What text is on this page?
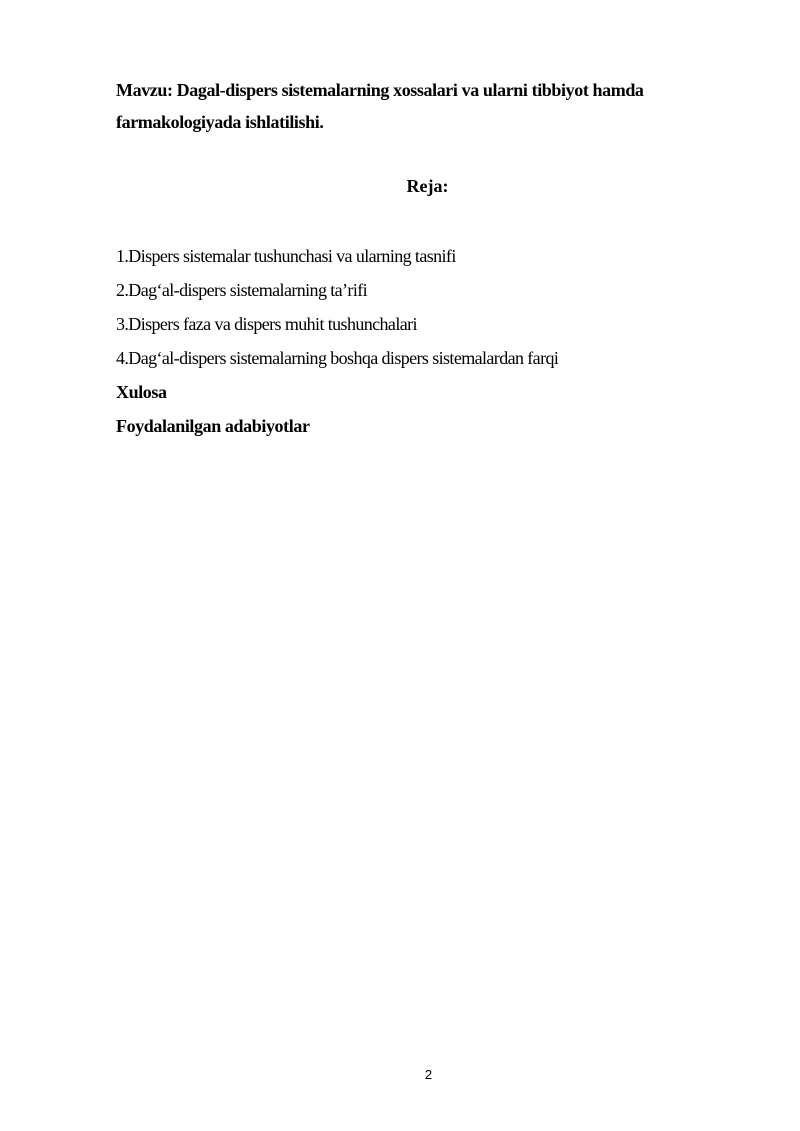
Mavzu: Dagal-dispers sistemalarning xossalari va ularni tibbiyot hamda
farmakologiyada ishlatilishi.
Reja:
1.Dispers sistemalar tushunchasi va ularning tasnifi
2.Dag‘al-dispers sistemalarning ta’rifi
3.Dispers faza va dispers muhit tushunchalari
4.Dag‘al-dispers sistemalarning boshqa dispers sistemalardan farqi
Xulosa
Foydalanilgan adabiyotlar
2
